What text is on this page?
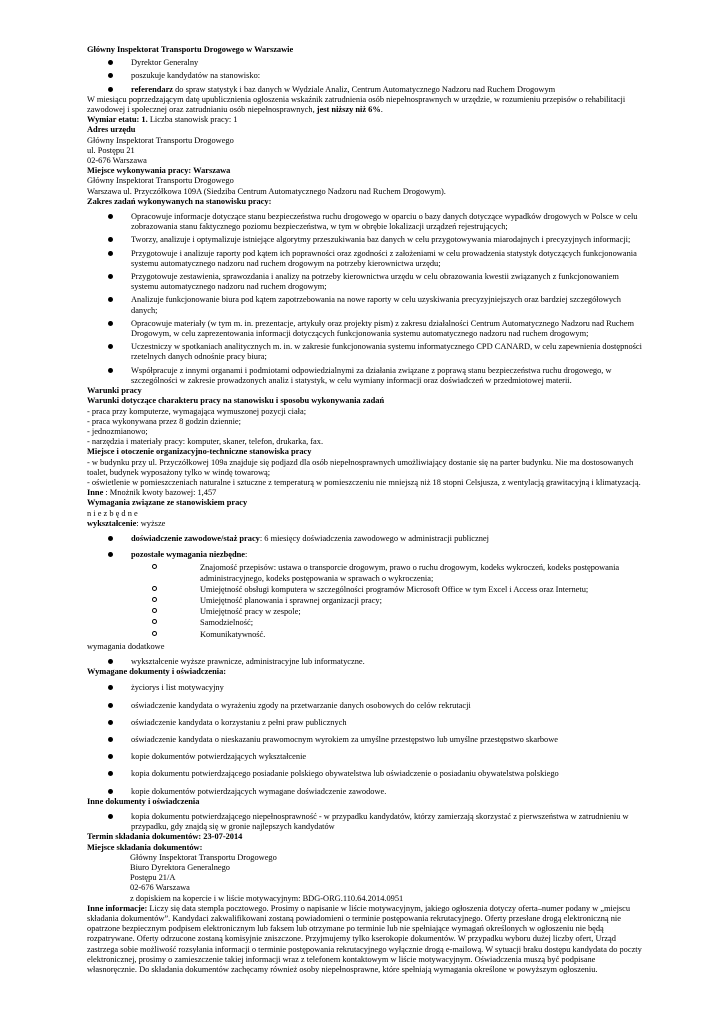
Główny Inspektorat Transportu Drogowego w Warszawie
Dyrektor Generalny
poszukuje kandydatów na stanowisko:
referendarz do spraw statystyk i baz danych w Wydziale Analiz, Centrum Automatycznego Nadzoru nad Ruchem Drogowym
W miesiącu poprzedzającym datę upublicznienia ogłoszenia wskaźnik zatrudnienia osób niepełnosprawnych w urzędzie, w rozumieniu przepisów o rehabilitacji zawodowej i społecznej oraz zatrudnianiu osób niepełnosprawnych, jest niższy niż 6%.
Wymiar etatu: 1. Liczba stanowisk pracy: 1
Adres urzędu
Główny Inspektorat Transportu Drogowego
ul. Postępu 21
02-676 Warszawa
Miejsce wykonywania pracy: Warszawa
Główny Inspektorat Transportu Drogowego
Warszawa ul. Przyczółkowa 109A (Siedziba Centrum Automatycznego Nadzoru nad Ruchem Drogowym).
Zakres zadań wykonywanych na stanowisku pracy:
Opracowuje informacje dotyczące stanu bezpieczeństwa ruchu drogowego w oparciu o bazy danych dotyczące wypadków drogowych w Polsce w celu zobrazowania stanu faktycznego poziomu bezpieczeństwa, w tym w obrębie lokalizacji urządzeń rejestrujących;
Tworzy, analizuje i optymalizuje istniejące algorytmy przeszukiwania baz danych w celu przygotowywania miarodajnych i precyzyjnych informacji;
Przygotowuje i analizuje raporty pod kątem ich poprawności oraz zgodności z założeniami w celu prowadzenia statystyk dotyczących funkcjonowania systemu automatycznego nadzoru nad ruchem drogowym na potrzeby kierownictwa urzędu;
Przygotowuje zestawienia, sprawozdania i analizy na potrzeby kierownictwa urzędu w celu obrazowania kwestii związanych z funkcjonowaniem systemu automatycznego nadzoru nad ruchem drogowym;
Analizuje funkcjonowanie biura pod kątem zapotrzebowania na nowe raporty w celu uzyskiwania precyzyjniejszych oraz bardziej szczegółowych danych;
Opracowuje materiały (w tym m. in. prezentacje, artykuły oraz projekty pism) z zakresu działalności Centrum Automatycznego Nadzoru nad Ruchem Drogowym, w celu zaprezentowania informacji dotyczących funkcjonowania systemu automatycznego nadzoru nad ruchem drogowym;
Uczestniczy w spotkaniach analitycznych m. in. w zakresie funkcjonowania systemu informatycznego CPD CANARD, w celu zapewnienia dostępności rzetelnych danych odnośnie pracy biura;
Współpracuje z innymi organami i podmiotami odpowiedzialnymi za działania związane z poprawą stanu bezpieczeństwa ruchu drogowego, w szczególności w zakresie prowadzonych analiz i statystyk, w celu wymiany informacji oraz doświadczeń w przedmiotowej materii.
Warunki pracy
Warunki dotyczące charakteru pracy na stanowisku i sposobu wykonywania zadań
- praca przy komputerze, wymagająca wymuszonej pozycji ciała;
- praca wykonywana przez 8 godzin dziennie;
- jednozmianowo;
- narzędzia i materiały pracy: komputer, skaner, telefon, drukarka, fax.
Miejsce i otoczenie organizacyjno-techniczne stanowiska pracy
- w budynku przy ul. Przyczółkowej 109a znajduje się podjazd dla osób niepełnosprawnych umożliwiający dostanie się na parter budynku. Nie ma dostosowanych toalet, budynek wyposażony tylko w windę towarową;
- oświetlenie w pomieszczeniach naturalne i sztuczne z temperaturą w pomieszczeniu nie mniejszą niż 18 stopni Celsjusza, z wentylacją grawitacyjną i klimatyzacją.
Inne : Mnożnik kwoty bazowej: 1,457
Wymagania związane ze stanowiskiem pracy
n i e z b ę d n e
wykształcenie: wyższe
doświadczenie zawodowe/staż pracy: 6 miesięcy doświadczenia zawodowego w administracji publicznej
pozostałe wymagania niezbędne:
Znajomość przepisów: ustawa o transporcie drogowym, prawo o ruchu drogowym, kodeks wykroczeń, kodeks postępowania administracyjnego, kodeks postępowania w sprawach o wykroczenia;
Umiejętność obsługi komputera w szczególności programów Microsoft Office w tym Excel i Access oraz Internetu;
Umiejętność planowania i sprawnej organizacji pracy;
Umiejętność pracy w zespole;
Samodzielność;
Komunikatywność.
wymagania dodatkowe
wykształcenie wyższe prawnicze, administracyjne lub informatyczne.
Wymagane dokumenty i oświadczenia:
życiorys i list motywacyjny
oświadczenie kandydata o wyrażeniu zgody na przetwarzanie danych osobowych do celów rekrutacji
oświadczenie kandydata o korzystaniu z pełni praw publicznych
oświadczenie kandydata o nieskazaniu prawomocnym wyrokiem za umyślne przestępstwo lub umyślne przestępstwo skarbowe
kopie dokumentów potwierdzających wykształcenie
kopia dokumentu potwierdzającego posiadanie polskiego obywatelstwa lub oświadczenie o posiadaniu obywatelstwa polskiego
kopie dokumentów potwierdzających wymagane doświadczenie zawodowe.
Inne dokumenty i oświadczenia
kopia dokumentu potwierdzającego niepełnosprawność - w przypadku kandydatów, którzy zamierzają skorzystać z pierwszeństwa w zatrudnieniu w przypadku, gdy znajdą się w gronie najlepszych kandydatów
Termin składania dokumentów: 23-07-2014
Miejsce składania dokumentów:
Główny Inspektorat Transportu Drogowego
Biuro Dyrektora Generalnego
Postępu 21/A
02-676 Warszawa
z dopiskiem na kopercie i w liście motywacyjnym: BDG-ORG.110.64.2014.0951
Inne informacje: Liczy się data stempla pocztowego. Prosimy o napisanie w liście motywacyjnym, jakiego ogłoszenia dotyczy oferta–numer podany w „miejscu składania dokumentów”. Kandydaci zakwalifikowani zostaną powiadomieni o terminie postępowania rekrutacyjnego. Oferty przesłane drogą elektroniczną nie opatrzone bezpiecznym podpisem elektronicznym lub faksem lub otrzymane po terminie lub nie spełniające wymagań określonych w ogłoszeniu nie będą rozpatrywane. Oferty odrzucone zostaną komisyjnie zniszczone. Przyjmujemy tylko kserokopie dokumentów. W przypadku wyboru dużej liczby ofert, Urząd zastrzega sobie możliwość rozsyłania informacji o terminie postępowania rekrutacyjnego wyłącznie drogą e-mailową. W sytuacji braku dostępu kandydata do poczty elektronicznej, prosimy o zamieszczenie takiej informacji wraz z telefonem kontaktowym w liście motywacyjnym. Oświadczenia muszą być podpisane własnoręcznie. Do składania dokumentów zachęcamy również osoby niepełnosprawne, które spełniają wymagania określone w powyższym ogłoszeniu.
